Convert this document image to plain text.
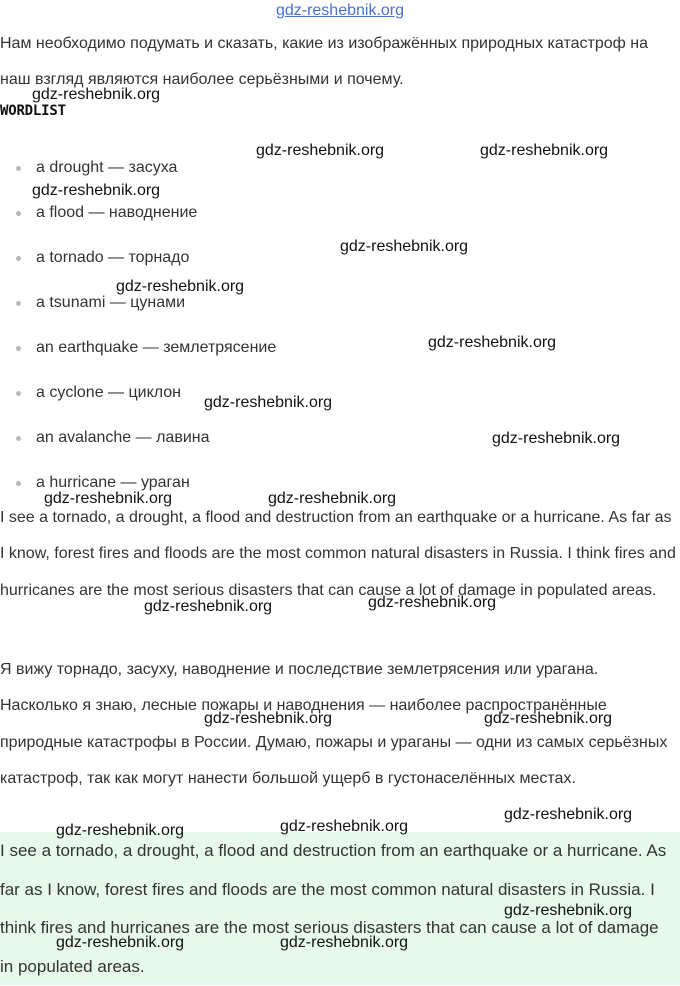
gdz-reshebnik.org
Нам необходимо подумать и сказать, какие из изображённых природных катастроф на наш взгляд являются наиболее серьёзными и почему.
WORDLIST
a drought — засуха
a flood — наводнение
a tornado — торнадо
a tsunami — цунами
an earthquake — землетрясение
a cyclone — циклон
an avalanche — лавина
a hurricane — ураган
I see a tornado, a drought, a flood and destruction from an earthquake or a hurricane. As far as I know, forest fires and floods are the most common natural disasters in Russia. I think fires and hurricanes are the most serious disasters that can cause a lot of damage in populated areas.
Я вижу торнадо, засуху, наводнение и последствие землетрясения или урагана. Насколько я знаю, лесные пожары и наводнения — наиболее распространённые природные катастрофы в России. Думаю, пожары и ураганы — одни из самых серьёзных катастроф, так как могут нанести большой ущерб в густонаселённых местах.
I see a tornado, a drought, a flood and destruction from an earthquake or a hurricane. As far as I know, forest fires and floods are the most common natural disasters in Russia. I think fires and hurricanes are the most serious disasters that can cause a lot of damage in populated areas.
gdz-reshebnik.org
gdz-reshebnik.org	gdz-reshebnik.org
gdz-reshebnik.org
gdz-reshebnik.org
gdz-reshebnik.org
gdz-reshebnik.org
gdz-reshebnik.org
gdz-reshebnik.org
gdz-reshebnik.org	gdz-reshebnik.org
gdz-reshebnik.org	gdz-reshebnik.org
gdz-reshebnik.org	gdz-reshebnik.org
gdz-reshebnik.org
gdz-reshebnik.org	gdz-reshebnik.org
gdz-reshebnik.org
gdz-reshebnik.org	gdz-reshebnik.org
